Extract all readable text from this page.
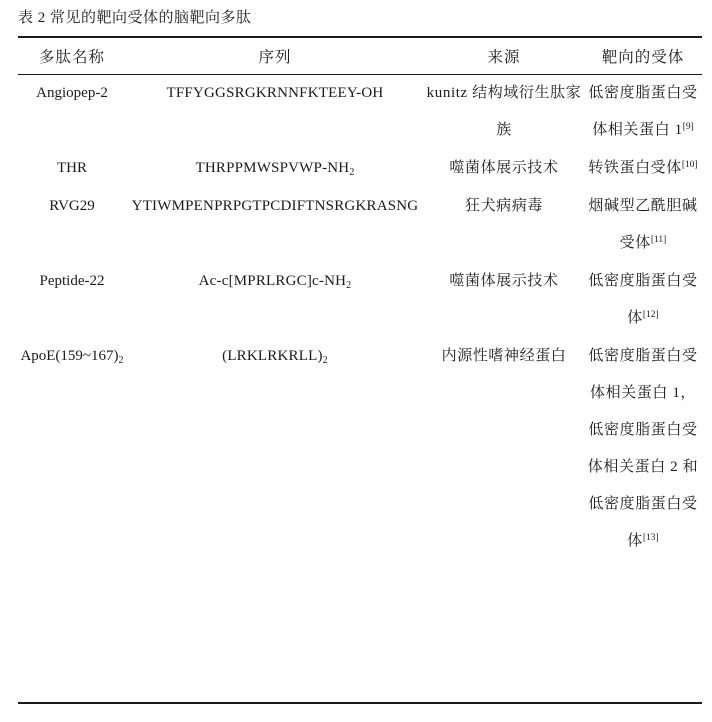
表 2 常见的靶向受体的脑靶向多肽
多肽名称	序列	来源	靶向的受体
Angiopep-2	TFFYGGSRGKRNNFKTEEY-OH	kunitz 结构域衍生肽家族	低密度脂蛋白受体相关蛋白 1[9]
THR	THRPPMWSPVWP-$NH_2$	噬菌体展示技术	转铁蛋白受体[10]
RVG29	YTIWMPENPRPGTPCDIFTNSRGKRASNG	狂犬病病毒	烟碱型乙酰胆碱受体[11]
Peptide-22	$Ac-c[MPRLRGC]c-NH_2$	噬菌体展示技术	低密度脂蛋白受体[12]
$ApoE(159\sim 167)_2$	$(LRKLRKRLL)_2$	内源性嗜神经蛋白	低密度脂蛋白受体相关蛋白 1，低密度脂蛋白受体相关蛋白 2 和低密度脂蛋白受体[13]
